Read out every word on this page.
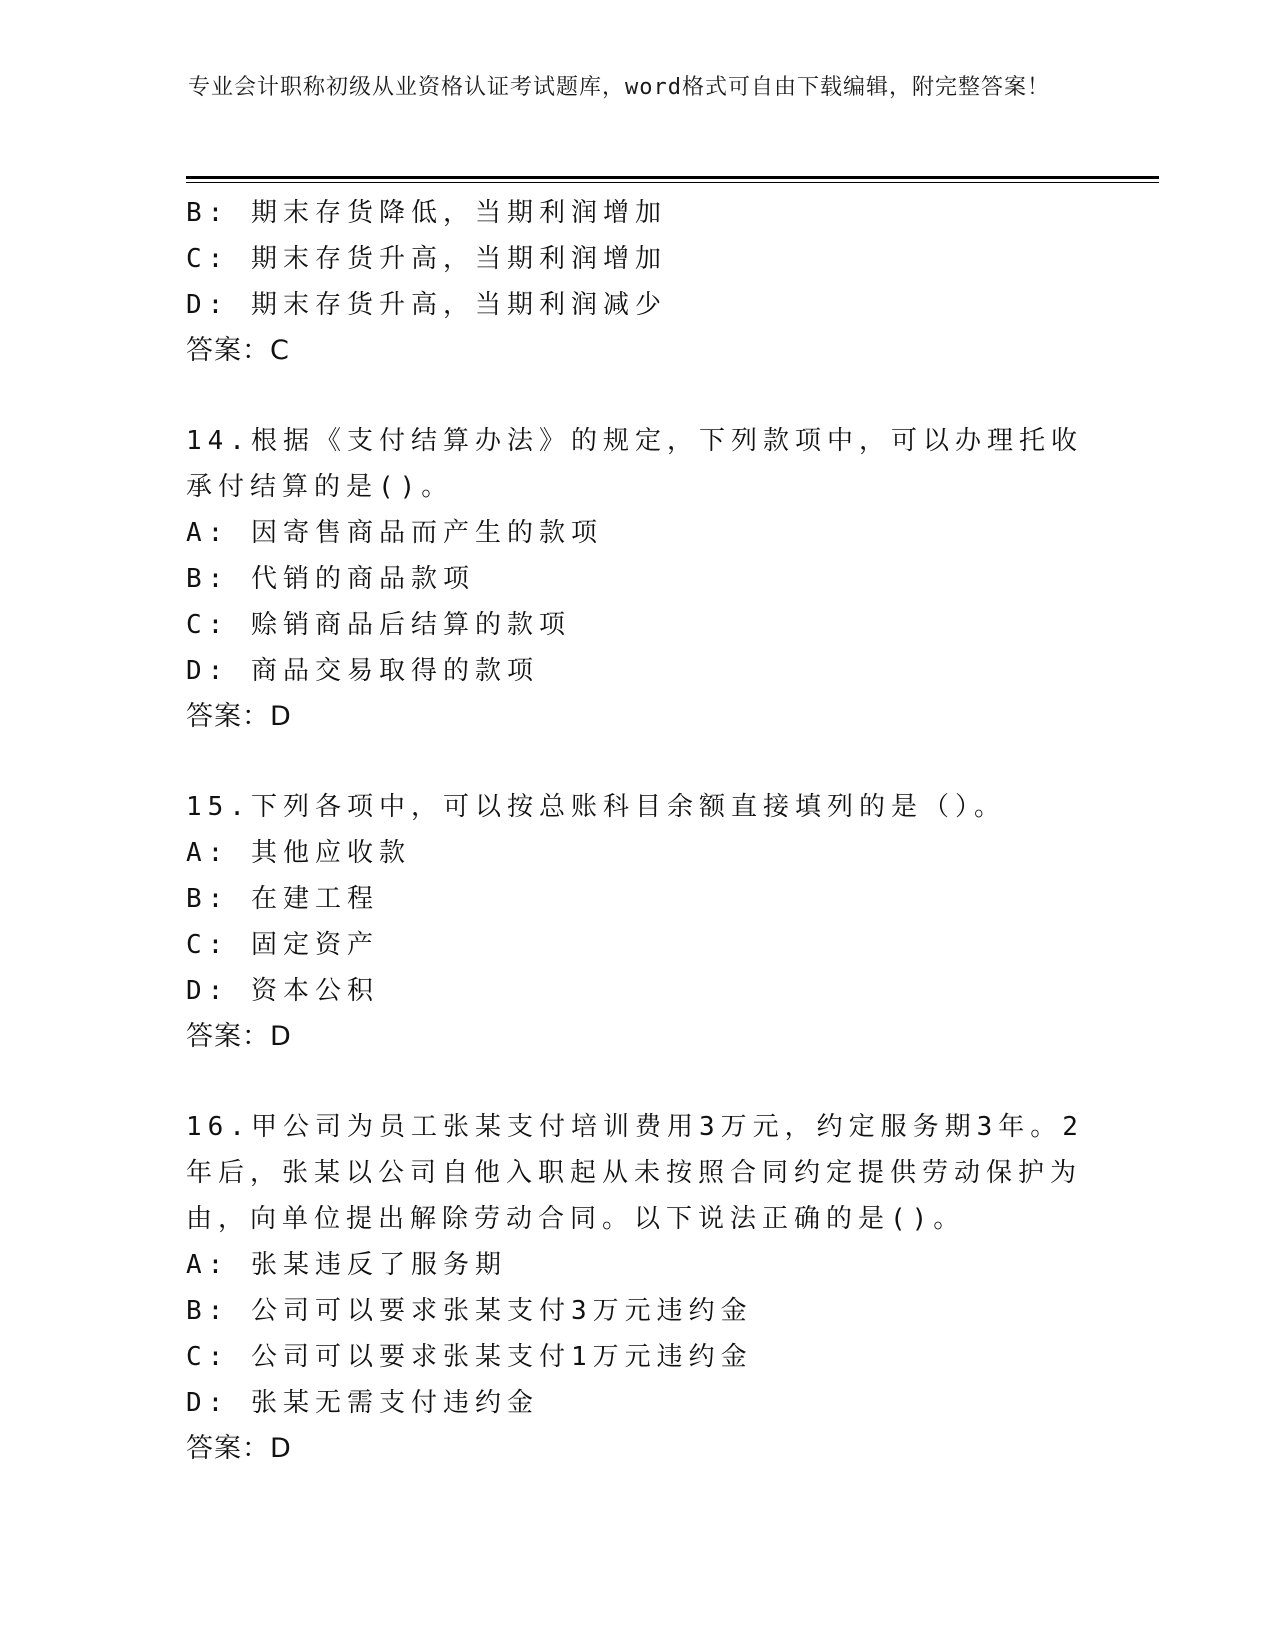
专业会计职称初级从业资格认证考试题库，word格式可自由下载编辑，附完整答案！
B: 期末存货降低，当期利润增加
C: 期末存货升高，当期利润增加
D: 期末存货升高，当期利润减少
答案：C
14.根据《支付结算办法》的规定，下列款项中，可以办理托收承付结算的是()。
A: 因寄售商品而产生的款项
B: 代销的商品款项
C: 赊销商品后结算的款项
D: 商品交易取得的款项
答案：D
15.下列各项中，可以按总账科目余额直接填列的是（）。
A: 其他应收款
B: 在建工程
C: 固定资产
D: 资本公积
答案：D
16.甲公司为员工张某支付培训费用3万元，约定服务期3年。2年后，张某以公司自他入职起从未按照合同约定提供劳动保护为由，向单位提出解除劳动合同。以下说法正确的是()。
A: 张某违反了服务期
B: 公司可以要求张某支付3万元违约金
C: 公司可以要求张某支付1万元违约金
D: 张某无需支付违约金
答案：D
